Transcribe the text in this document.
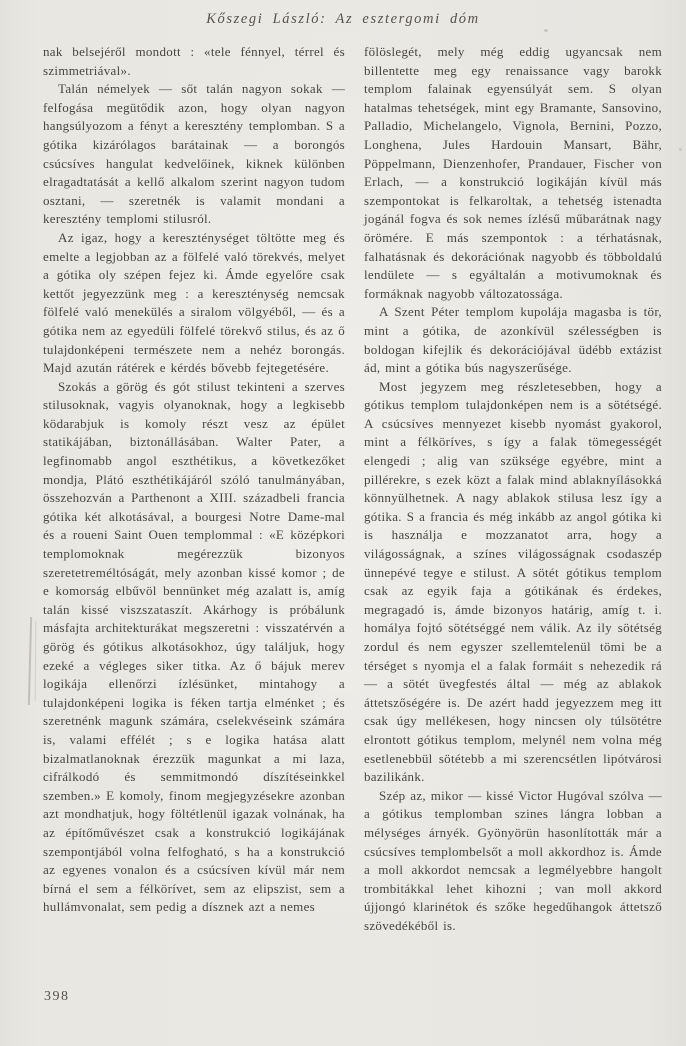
Kőszegi László: Az esztergomi dóm

nak belsejéről mondott : «tele fénnyel, térrel és szimmetriával».

Talán némelyek — sőt talán nagyon sokak — felfogása megütődik azon, hogy olyan nagyon hangsúlyozom a fényt a keresztény templomban. S a gótika kizárólagos barátainak — a borongós csúcsíves hangulat kedvelőinek, kiknek különben elragadtatását a kellő alkalom szerint nagyon tudom osztani, — szeretnék is valamit mondani a keresztény templomi stilusról.

Az igaz, hogy a kereszténységet töltötte meg és emelte a legjobban az a fölfelé való törekvés, melyet a gótika oly szépen fejez ki. Ámde egyelőre csak kettőt jegyezzünk meg : a kereszténység nemcsak fölfelé való menekülés a siralom völgyéből, — és a gótika nem az egyedüli fölfelé törekvő stilus, és az ő tulajdonképeni természete nem a nehéz borongás. Majd azután rátérek e kérdés bővebb fejtegetésére.

Szokás a görög és gót stilust tekinteni a szerves stilusoknak, vagyis olyanoknak, hogy a legkisebb ködarabjuk is komoly részt vesz az épület statikájában, biztonállásában. Walter Pater, a legfinomabb angol eszthétikus, a következőket mondja, Plátó eszthétikájáról szóló tanulmányában, összehozván a Parthenont a XIII. századbeli francia gótika két alkotásával, a bourgesi Notre Dame-mal és a roueni Saint Ouen templommal : «E középkori templomoknak megérezzük bizonyos szeretetreméltóságát, mely azonban kissé komor ; de e komorság elbűvöl bennünket még azalatt is, amíg talán kissé viszszataszít. Akárhogy is próbálunk másfajta architekturákat megszeretni : visszatérvén a görög és gótikus alkotásokhoz, úgy találjuk, hogy ezeké a végleges siker titka. Az ő bájuk merev logikája ellenőrzi ízlésünket, mintahogy a tulajdonképeni logika is féken tartja elménket ; és szeretnénk magunk számára, cselekvéseink számára is, valami effélét ; s e logika hatása alatt bizalmatlanoknak érezzük magunkat a mi laza, cifrálkodó és semmitmondó díszítéseinkkel szemben.» E komoly, finom megjegyzésekre azonban azt mondhatjuk, hogy föltétlenül igazak volnának, ha az építőművészet csak a konstrukció logikájának szempontjából volna felfogható, s ha a konstrukció az egyenes vonalon és a csúcsíven kívül már nem bírná el sem a félkörívet, sem az elipszist, sem a hullámvonalat, sem pedig a dísznek azt a nemes

fölöslegét, mely még eddig ugyancsak nem billentette meg egy renaissance vagy barokk templom falainak egyensúlyát sem. S olyan hatalmas tehetségek, mint egy Bramante, Sansovino, Palladio, Michelangelo, Vignola, Bernini, Pozzo, Longhena, Jules Hardouin Mansart, Bähr, Pöppelmann, Dienzenhofer, Prandauer, Fischer von Erlach, — a konstrukció logikáján kívül más szempontokat is felkaroltak, a tehetség istenadta jogánál fogva és sok nemes ízlésű műbarátnak nagy örömére. E más szempontok : a térhatásnak, falhatásnak és dekorációnak nagyobb és többoldalú lendülete — s egyáltalán a motivumoknak és formáknak nagyobb változatossága.

A Szent Péter templom kupolája magasba is tör, mint a gótika, de azonkívül szélességben is boldogan kifejlik és dekorációjával üdébb extázist ád, mint a gótika bús nagyszerűsége.

Most jegyzem meg részletesebben, hogy a gótikus templom tulajdonképen nem is a sötétségé. A csúcsíves mennyezet kisebb nyomást gyakorol, mint a félköríves, s így a falak tömegességét elengedi ; alig van szüksége egyébre, mint a pillérekre, s ezek közt a falak mind ablaknyílásokká könnyülhetnek. A nagy ablakok stilusa lesz így a gótika. S a francia és még inkább az angol gótika ki is használja e mozzanatot arra, hogy a világosságnak, a színes világosságnak csodaszép ünnepévé tegye e stilust. A sötét gótikus templom csak az egyik faja a gótikának és érdekes, megragadó is, ámde bizonyos határig, amíg t. i. homálya fojtó sötétséggé nem válik. Az ily sötétség zordul és nem egyszer szellemtelenül tömi be a térséget s nyomja el a falak formáit s nehezedik rá — a sötét üvegfestés által — még az ablakok áttetszőségére is. De azért hadd jegyezzem meg itt csak úgy mellékesen, hogy nincsen oly túlsötétre elrontott gótikus templom, melynél nem volna még esetlenebbül sötétebb a mi szerencsétlen lipótvárosi bazilikánk.

Szép az, mikor — kissé Victor Hugóval szólva — a gótikus templomban szines lángra lobban a mélységes árnyék. Gyönyörün hasonlították már a csúcsíves templombelsőt a moll akkordhoz is. Ámde a moll akkordot nemcsak a legmélyebbre hangolt trombitákkal lehet kihozni ; van moll akkord újjongó klarinétok és szőke hegedűhangok áttetsző szövedékéből is.

398
